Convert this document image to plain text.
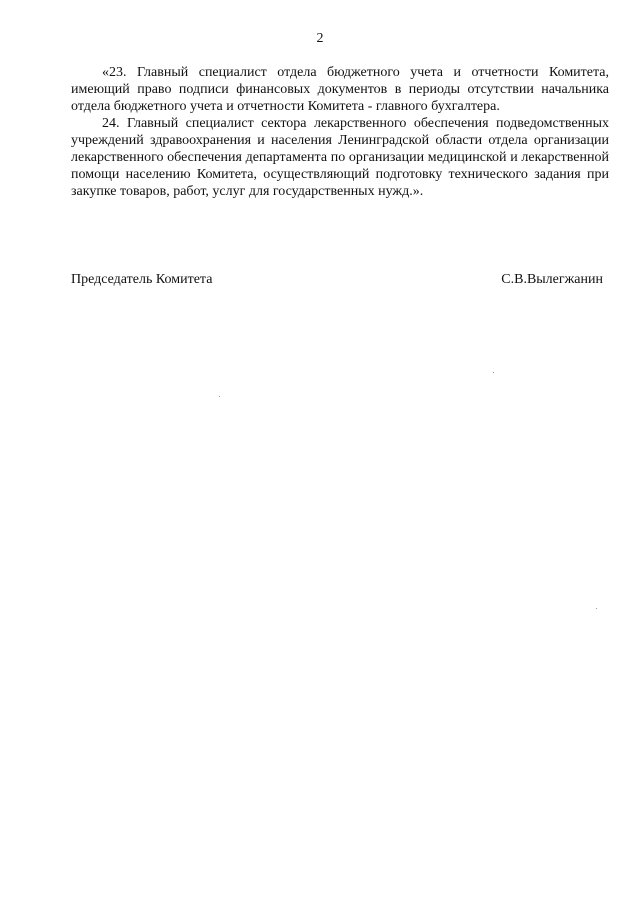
2

«23. Главный специалист отдела бюджетного учета и отчетности Комитета, имеющий право подписи финансовых документов в периоды отсутствии начальника отдела бюджетного учета и отчетности Комитета - главного бухгалтера.

24. Главный специалист сектора лекарственного обеспечения подведомственных учреждений здравоохранения и населения Ленинградской области отдела организации лекарственного обеспечения департамента по организации медицинской и лекарственной помощи населению Комитета, осуществляющий подготовку технического задания при закупке товаров, работ, услуг для государственных нужд.».

Председатель Комитета	С.В.Вылегжанин
